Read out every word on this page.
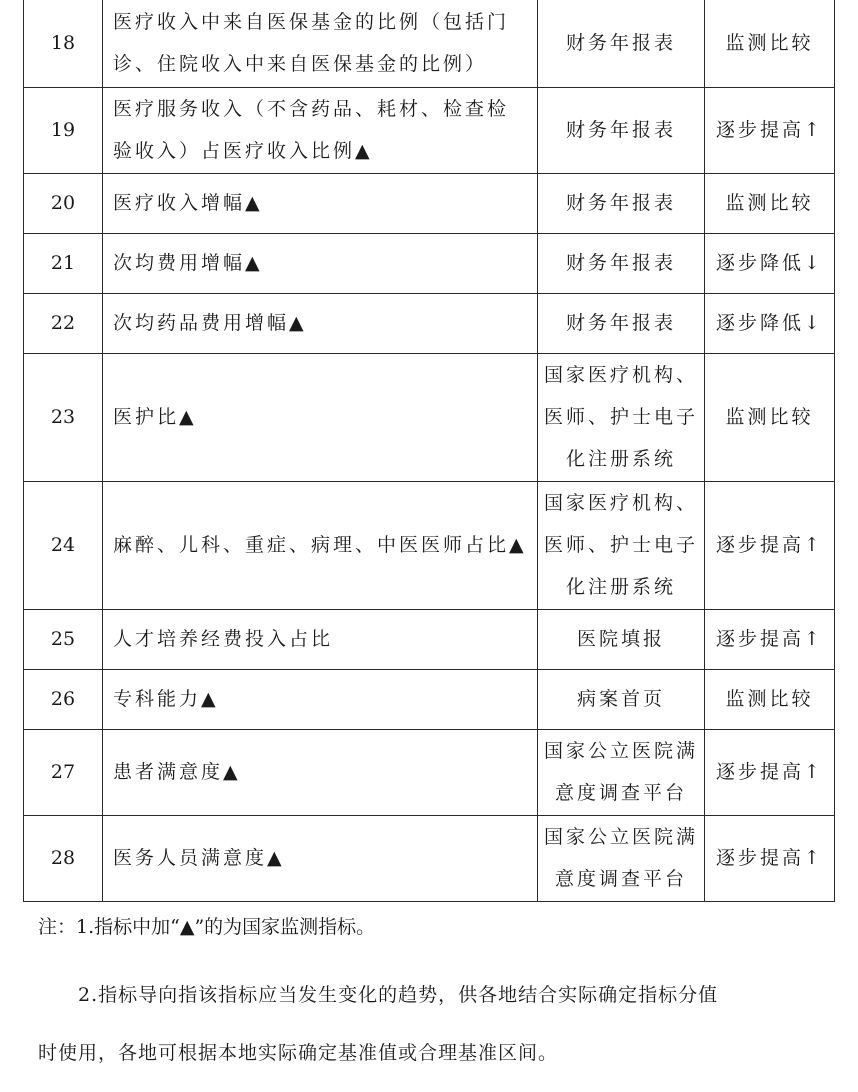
18	医疗收入中来自医保基金的比例（包括门诊、住院收入中来自医保基金的比例）	财务年报表	监测比较
19	医疗服务收入（不含药品、耗材、检查检验收入）占医疗收入比例▲	财务年报表	逐步提高↑
20	医疗收入增幅▲	财务年报表	监测比较
21	次均费用增幅▲	财务年报表	逐步降低↓
22	次均药品费用增幅▲	财务年报表	逐步降低↓
23	医护比▲	国家医疗机构、医师、护士电子化注册系统	监测比较
24	麻醉、儿科、重症、病理、中医医师占比▲	国家医疗机构、医师、护士电子化注册系统	逐步提高↑
25	人才培养经费投入占比	医院填报	逐步提高↑
26	专科能力▲	病案首页	监测比较
27	患者满意度▲	国家公立医院满意度调查平台	逐步提高↑
28	医务人员满意度▲	国家公立医院满意度调查平台	逐步提高↑
注：1.指标中加“▲”的为国家监测指标。
2.指标导向指该指标应当发生变化的趋势，供各地结合实际确定指标分值
时使用，各地可根据本地实际确定基准值或合理基准区间。
